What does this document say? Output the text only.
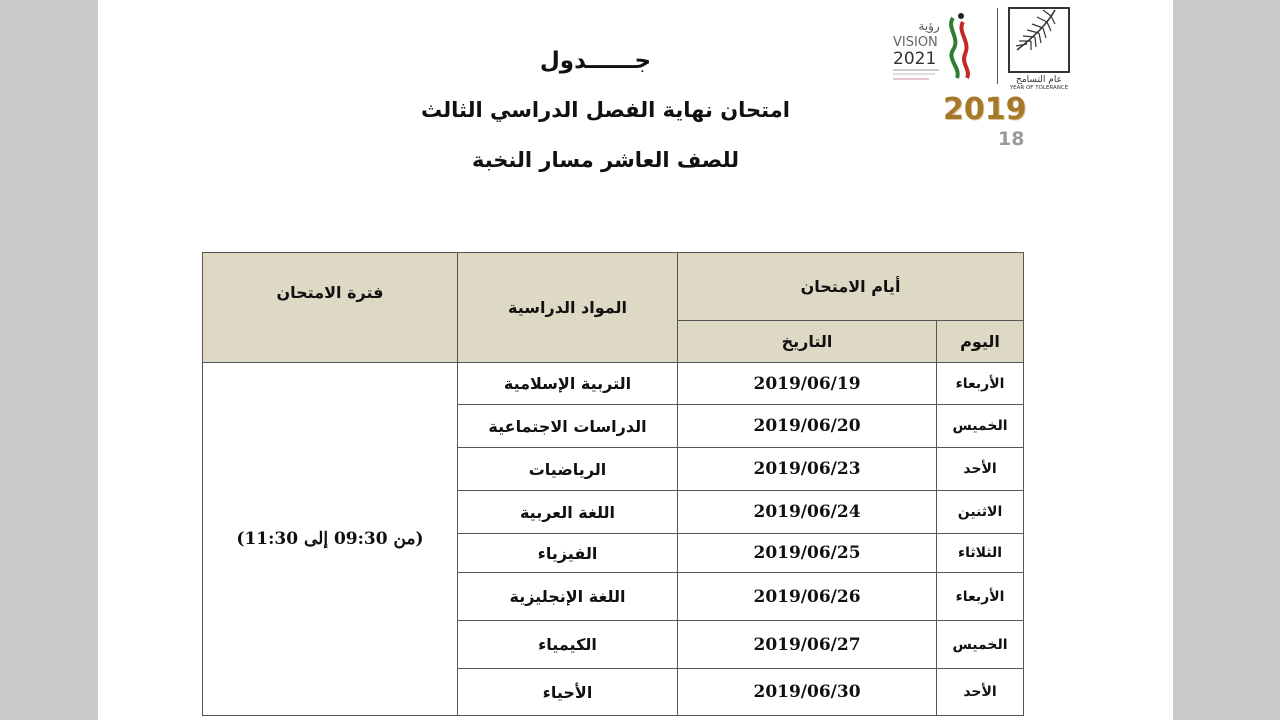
رؤية
VISION
2021
عام التسامح
YEAR OF TOLERANCE
2019
18
جــــــدول
امتحان نهاية الفصل الدراسي الثالث
للصف العاشر مسار النخبة
أيام الامتحان		المواد الدراسية	فترة الامتحان
اليوم	التاريخ		
الأربعاء	2019/06/19	التربية الإسلامية	(من 09:30 إلى 11:30)
الخميس	2019/06/20	الدراسات الاجتماعية	
الأحد	2019/06/23	الرياضيات	
الاثنين	2019/06/24	اللغة العربية	
الثلاثاء	2019/06/25	الفيزياء	
الأربعاء	2019/06/26	اللغة الإنجليزية	
الخميس	2019/06/27	الكيمياء	
الأحد	2019/06/30	الأحياء	
